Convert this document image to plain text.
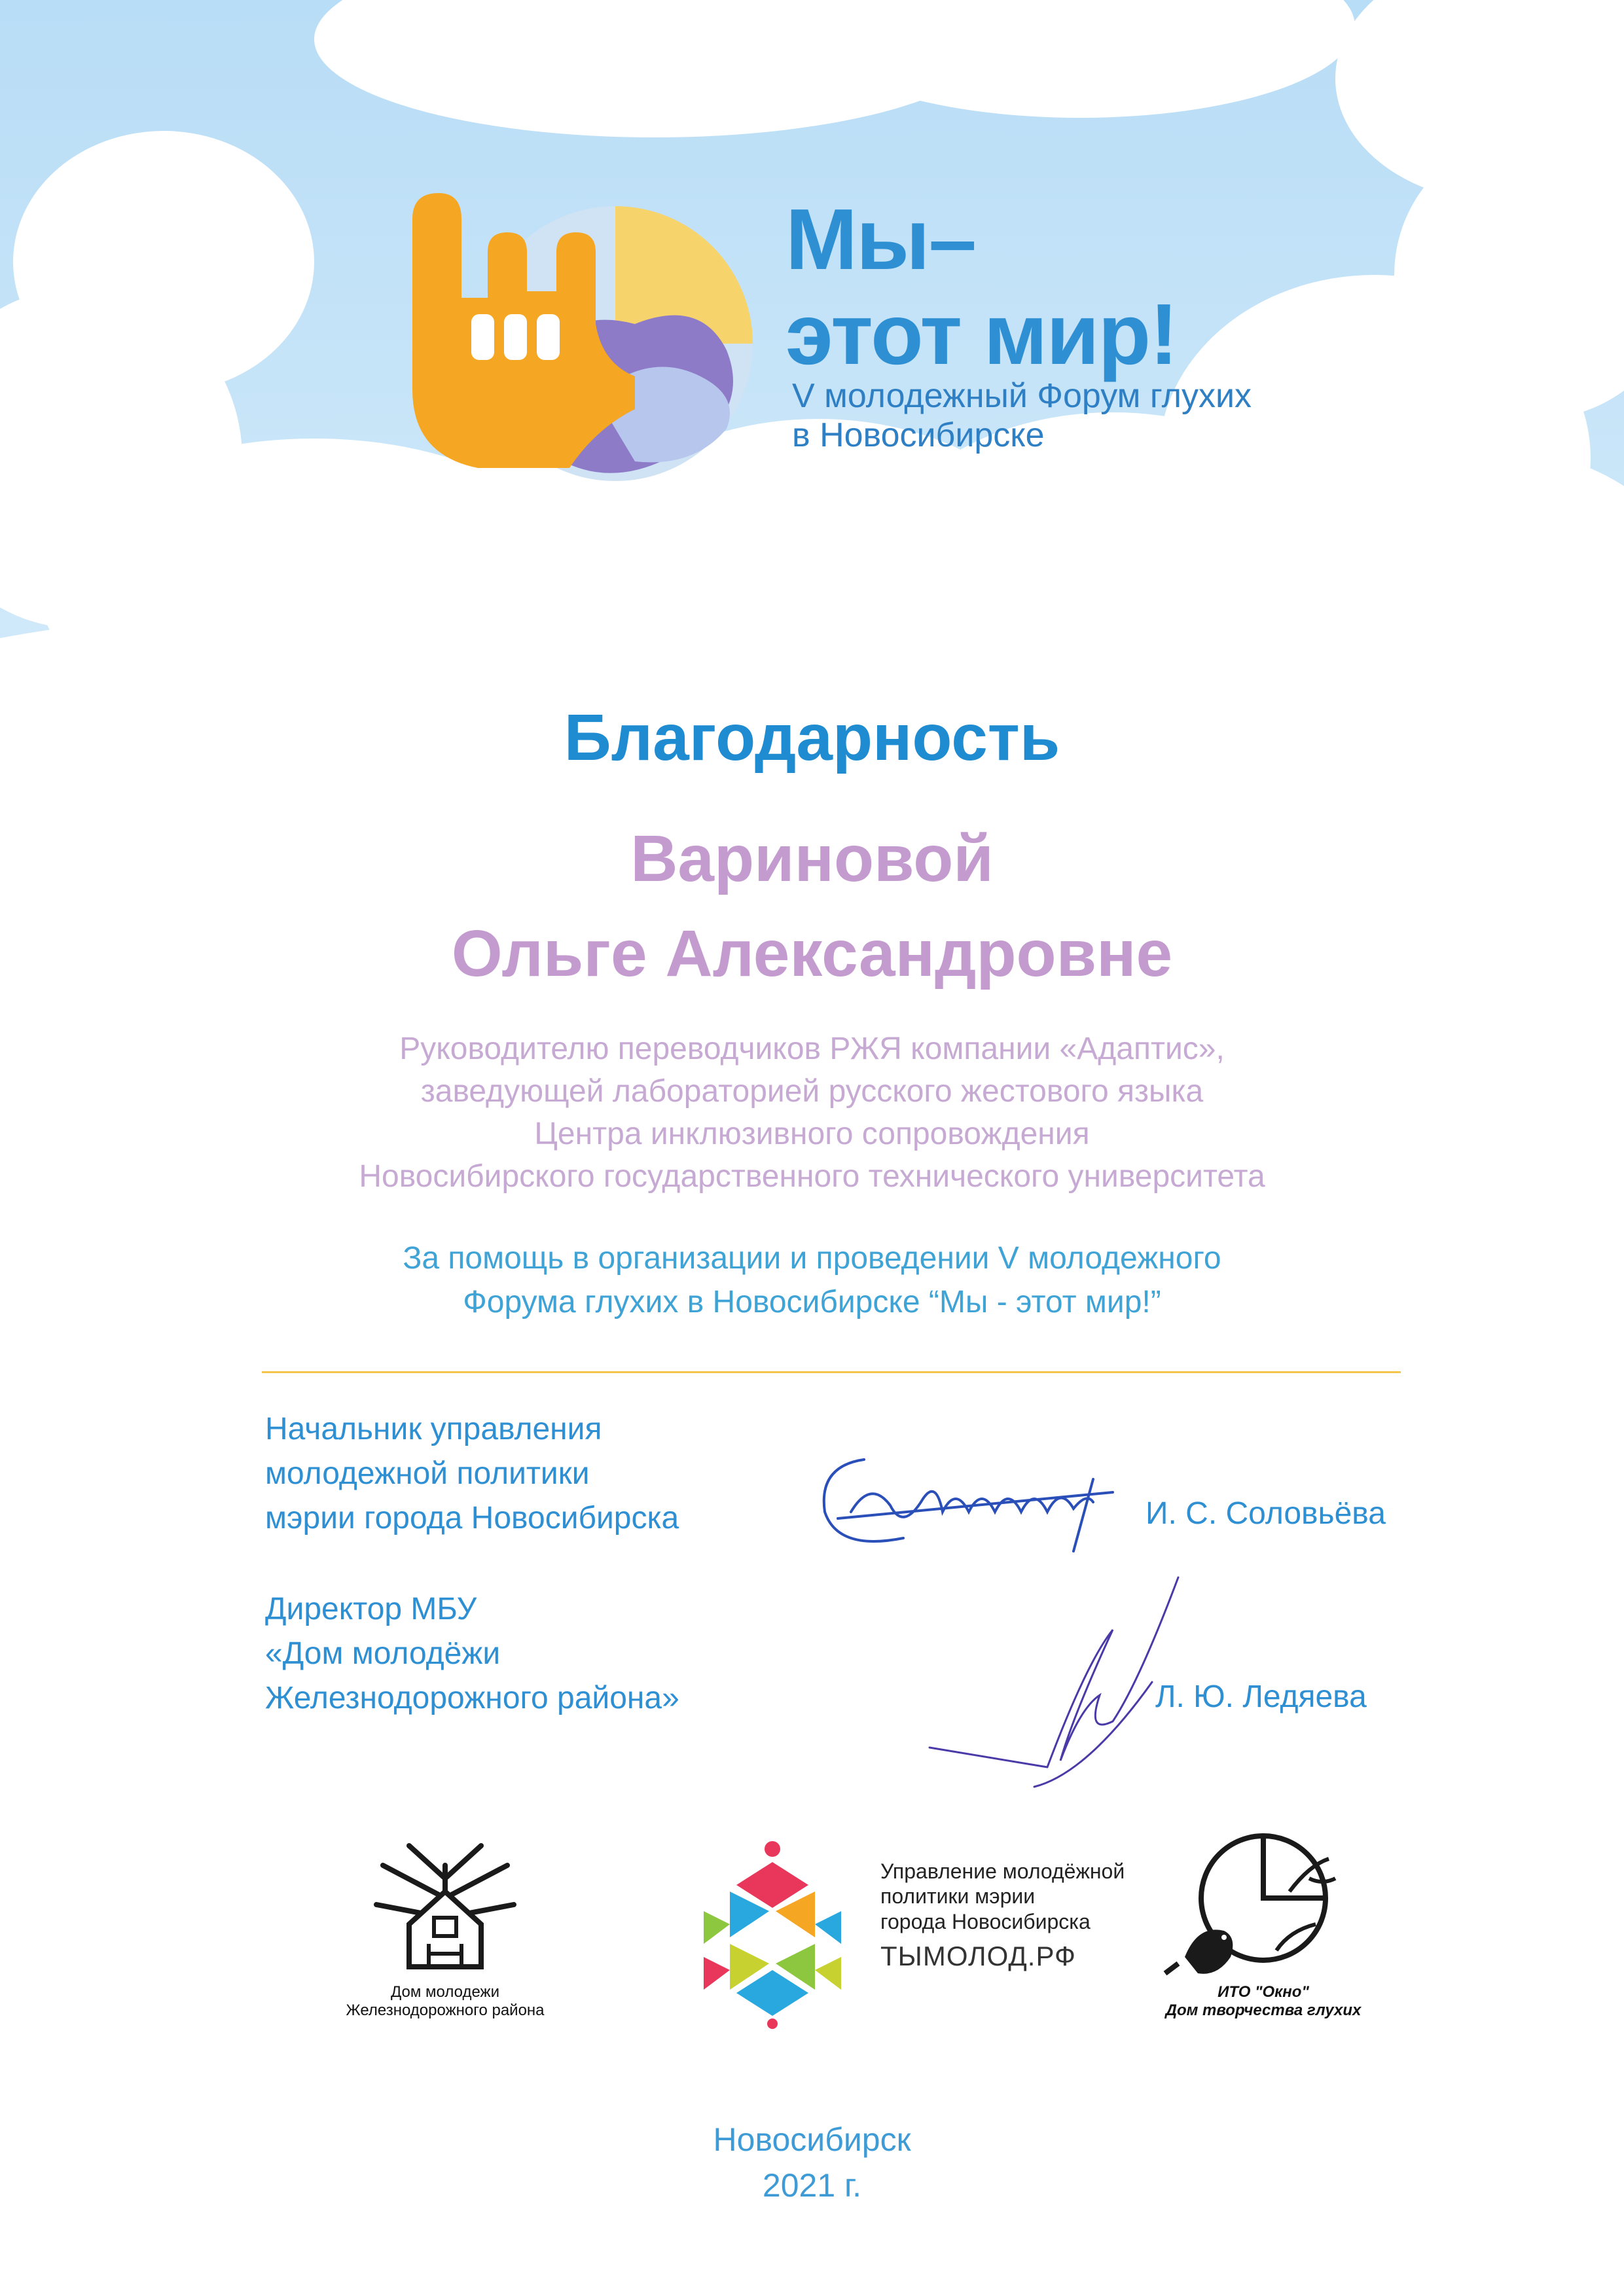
Мы–
этот мир!
V молодежный Форум глухих
в Новосибирске
Благодарность
Вариновой
Ольге Александровне
Руководителю переводчиков РЖЯ компании «Адаптис»,
заведующей лабораторией русского жестового языка
Центра инклюзивного сопровождения
Новосибирского государственного технического университета
За помощь в организации и проведении V молодежного
Форума глухих в Новосибирске “Мы - этот мир!”
Начальник управления
молодежной политики
мэрии города Новосибирска	И. С. Соловьёва
Директор МБУ
«Дом молодёжи
Железнодорожного района»	Л. Ю. Ледяева
Дом молодежи
Железнодорожного района
Управление молодёжной
политики мэрии
города Новосибирска
ТЫМОЛОД.РФ
ИТО "Окно"
Дом творчества глухих
Новосибирск
2021 г.
